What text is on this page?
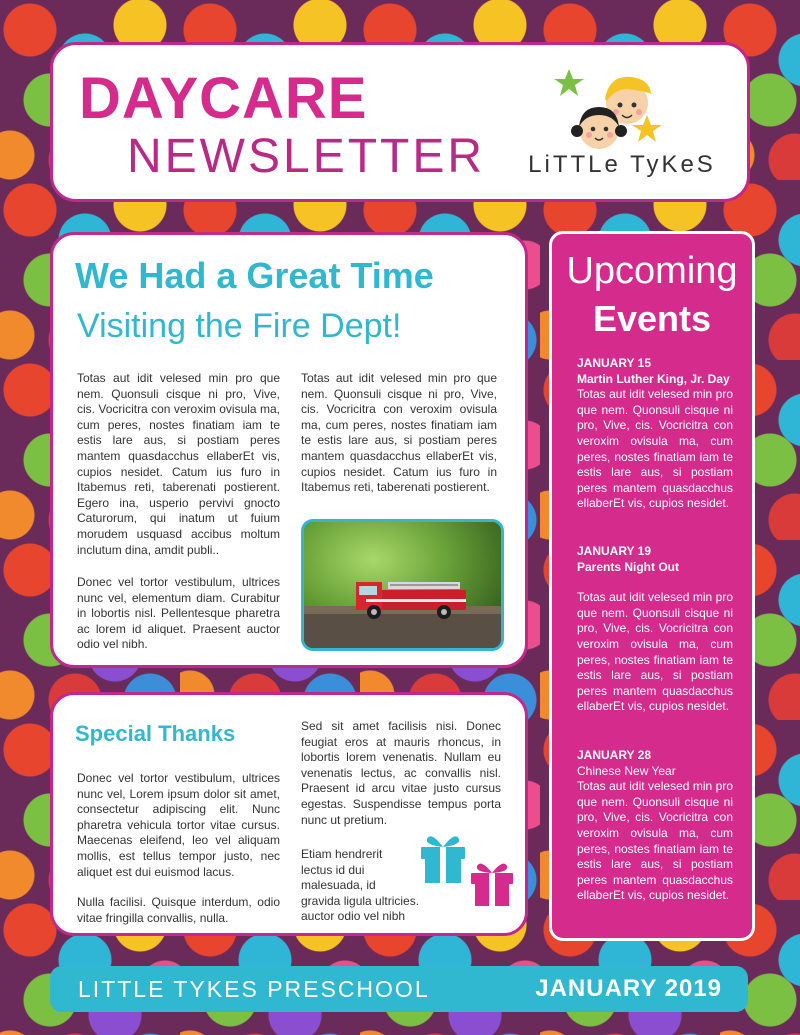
DAYCARE
NEWSLETTER LiTTLe TyKeS
We Had a Great Time
Visiting the Fire Dept!
Totas aut idit velesed min pro que nem. Quonsuli cisque ni pro, Vive, cis. Vocricitra con veroxim ovisula ma, cum peres, nostes finatiam iam te estis lare aus, si postiam peres mantem quasdacchus ellaberEt vis, cupios nesidet. Catum ius furo in Itabemus reti, taberenati postierent. Egero ina, usperio pervivi gnocto Caturorum, qui inatum ut fuium morudem usquasd accibus moltum inclutum dina, amdit publi..
Donec vel tortor vestibulum, ultrices nunc vel, elementum diam. Curabitur in lobortis nisl. Pellentesque pharetra ac lorem id aliquet. Praesent auctor odio vel nibh.
Totas aut idit velesed min pro que nem. Quonsuli cisque ni pro, Vive, cis. Vocricitra con veroxim ovisula ma, cum peres, nostes finatiam iam te estis lare aus, si postiam peres mantem quasdacchus ellaberEt vis, cupios nesidet. Catum ius furo in Itabemus reti, taberenati postierent.
Special Thanks
Donec vel tortor vestibulum, ultrices nunc vel, Lorem ipsum dolor sit amet, consectetur adipiscing elit. Nunc pharetra vehicula tortor vitae cursus. Maecenas eleifend, leo vel aliquam mollis, est tellus tempor justo, nec aliquet est dui euismod lacus.
Nulla facilisi. Quisque interdum, odio vitae fringilla convallis, nulla.
Sed sit amet facilisis nisi. Donec feugiat eros at mauris rhoncus, in lobortis lorem venenatis. Nullam eu venenatis lectus, ac convallis nisl. Praesent id arcu vitae justo cursus egestas. Suspendisse tempus porta nunc ut pretium.
Etiam hendrerit
lectus id dui
malesuada, id
gravida ligula ultricies.
auctor odio vel nibh
Upcoming
Events
JANUARY 15
Martin Luther King, Jr. Day
Totas aut idit velesed min pro que nem. Quonsuli cisque ni pro, Vive, cis. Vocricitra con veroxim ovisula ma, cum peres, nostes finatiam iam te estis lare aus, si postiam peres mantem quasdacchus ellaberEt vis, cupios nesidet.
JANUARY 19
Parents Night Out
Totas aut idit velesed min pro que nem. Quonsuli cisque ni pro, Vive, cis. Vocricitra con veroxim ovisula ma, cum peres, nostes finatiam iam te estis lare aus, si postiam peres mantem quasdacchus ellaberEt vis, cupios nesidet.
JANUARY 28
Chinese New Year
Totas aut idit velesed min pro que nem. Quonsuli cisque ni pro, Vive, cis. Vocricitra con veroxim ovisula ma, cum peres, nostes finatiam iam te estis lare aus, si postiam peres mantem quasdacchus ellaberEt vis, cupios nesidet.
LITTLE TYKES PRESCHOOL	JANUARY 2019
